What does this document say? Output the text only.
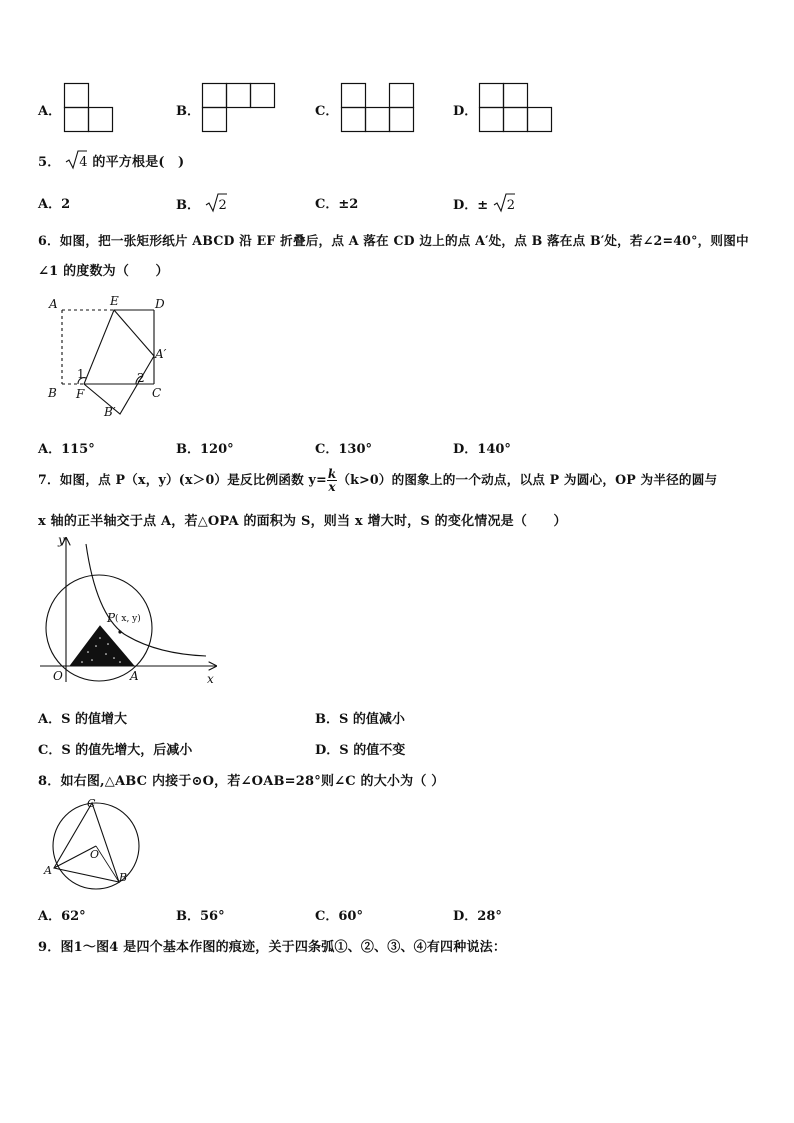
A．	B．	C．	D．
5． 4 的平方根是(　)
A．2	B． 2	C．±2	D．± 2
6．如图，把一张矩形纸片 ABCD 沿 EF 折叠后，点 A 落在 CD 边上的点 A′处，点 B 落在点 B′处，若∠2=40°，则图中
∠1 的度数为（　　）
A	E	D
A′
1	2
B F	C
B′
A．115°	B．120°	C．130°	D．140°
7．如图，点 P（x，y）(x＞0）是反比例函数 $y= \frac{k}{x} (k>0)$的图象上的一个动点，以点 P 为圆心，OP 为半径的圆与
x 轴的正半轴交于点 A，若△OPA 的面积为 S，则当 x 增大时，S 的变化情况是（　　）
y
P ( x, y)
O	A	x
A．S 的值增大	B．S 的值减小
C．S 的值先增大，后减小	D．S 的值不变
8．如右图,△ABC 内接于⊙O，若∠OAB=28°则∠C 的大小为（ ）
C
O
A
B
A．62°	B．56°	C．60°	D．28°
9．图1～图4 是四个基本作图的痕迹，关于四条弧①、②、③、④有四种说法：
